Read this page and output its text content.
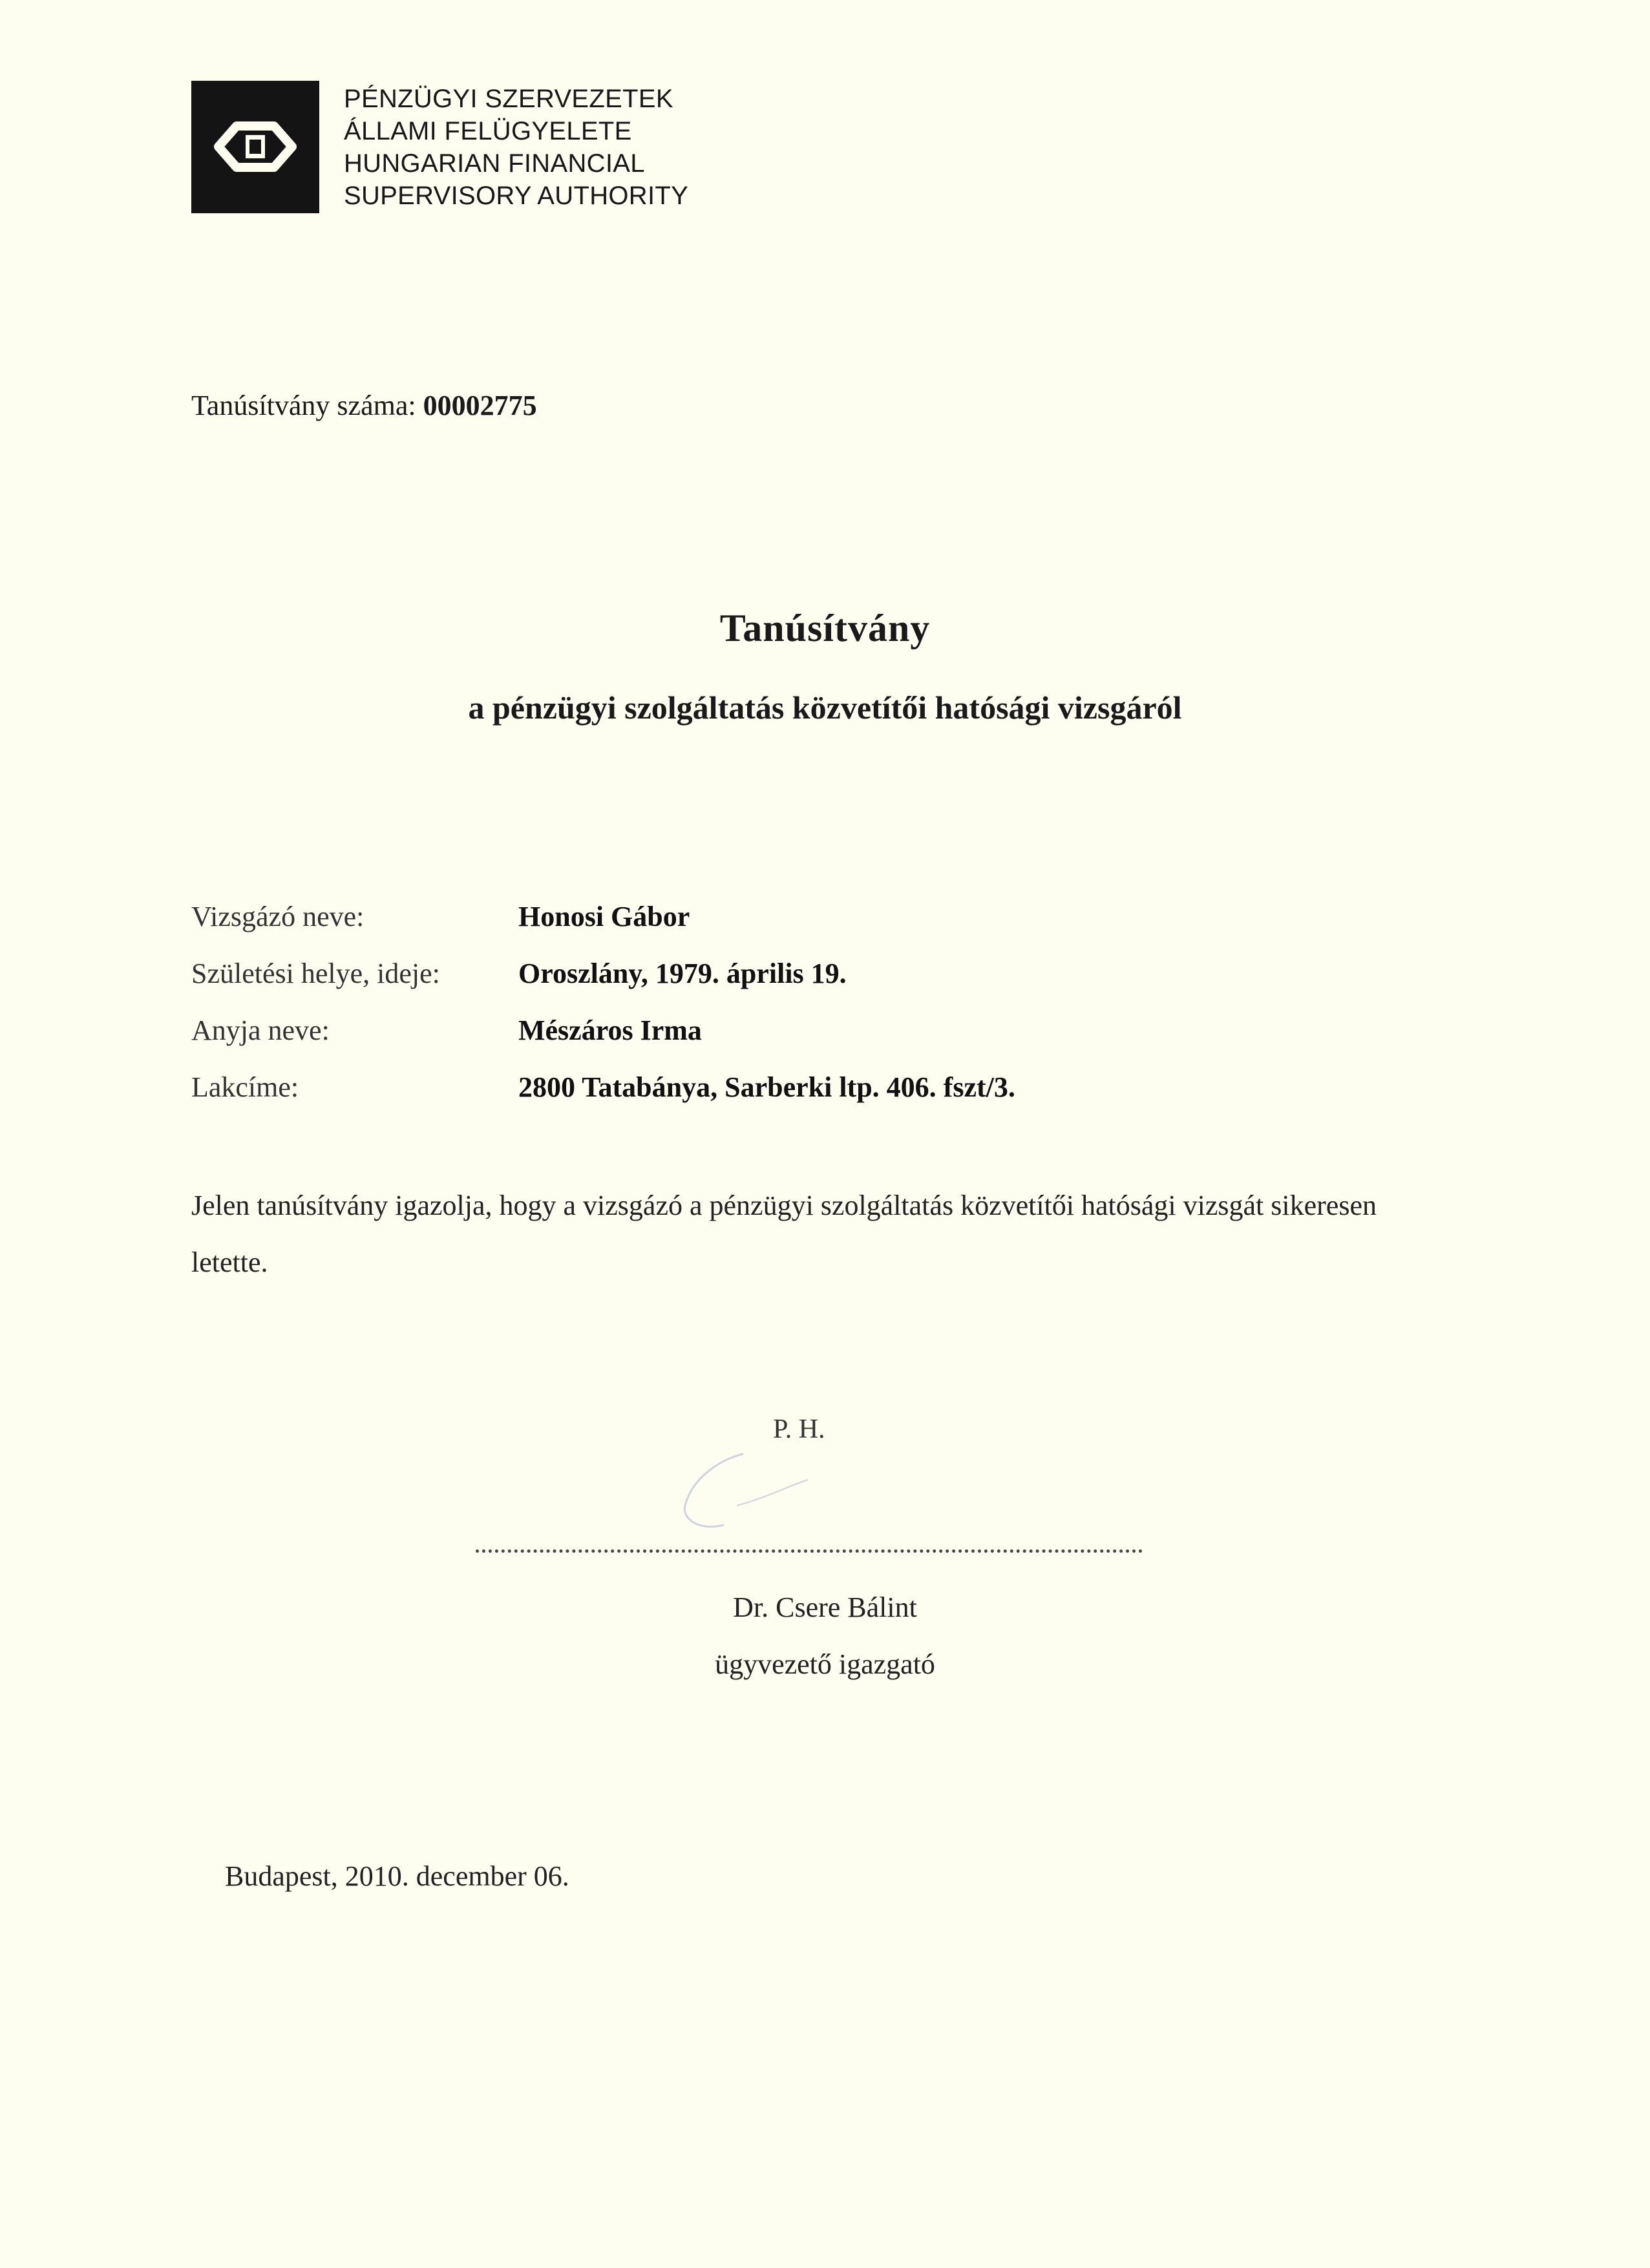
PÉNZÜGYI SZERVEZETEK
ÁLLAMI FELÜGYELETE
HUNGARIAN FINANCIAL
SUPERVISORY AUTHORITY
Tanúsítvány száma: 00002775
Tanúsítvány
a pénzügyi szolgáltatás közvetítői hatósági vizsgáról
Vizsgázó neve:	Honosi Gábor
Születési helye, ideje:	Oroszlány, 1979. április 19.
Anyja neve:	Mészáros Irma
Lakcíme:	2800 Tatabánya, Sarberki ltp. 406. fszt/3.
Jelen tanúsítvány igazolja, hogy a vizsgázó a pénzügyi szolgáltatás közvetítői hatósági vizsgát sikeresen letette.
P. H.
Dr. Csere Bálint
ügyvezető igazgató
Budapest, 2010. december 06.
